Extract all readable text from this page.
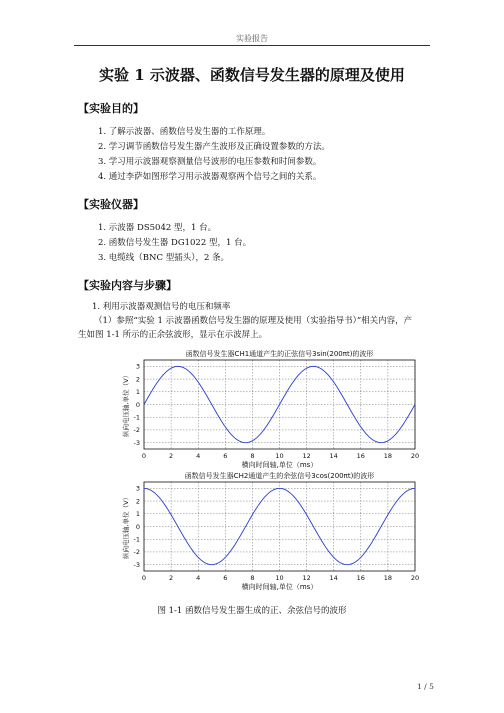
实验报告
实验 1 示波器、函数信号发生器的原理及使用
【实验目的】
1. 了解示波器、函数信号发生器的工作原理。
2. 学习调节函数信号发生器产生波形及正确设置参数的方法。
3. 学习用示波器观察测量信号波形的电压参数和时间参数。
4. 通过李萨如图形学习用示波器观察两个信号之间的关系。
【实验仪器】
1. 示波器 DS5042 型，1 台。
2. 函数信号发生器 DG1022 型，1 台。
3. 电缆线（BNC 型插头），2 条。
【实验内容与步骤】
1. 利用示波器观测信号的电压和频率
（1）参照“实验 1 示波器函数信号发生器的原理及使用（实验指导书）”相关内容，产
生如图 1-1 所示的正余弦波形，显示在示波屏上。
函数信号发生器CH1通道产生的正弦信号3sin(200πt)的波形
0	2	4	6	8	10	12	14	16	18	20
3
2
1
0
-1
-2
-3
横向时间轴,单位（ms）
纵向电压轴,单位（V）
函数信号发生器CH2通道产生的余弦信号3cos(200πt)的波形
0	2	4	6	8	10	12	14	16	18	20
3
2
1
0
-1
-2
-3
横向时间轴,单位（ms）
纵向电压轴,单位（V）
图 1-1 函数信号发生器生成的正、余弦信号的波形
1 / 5
